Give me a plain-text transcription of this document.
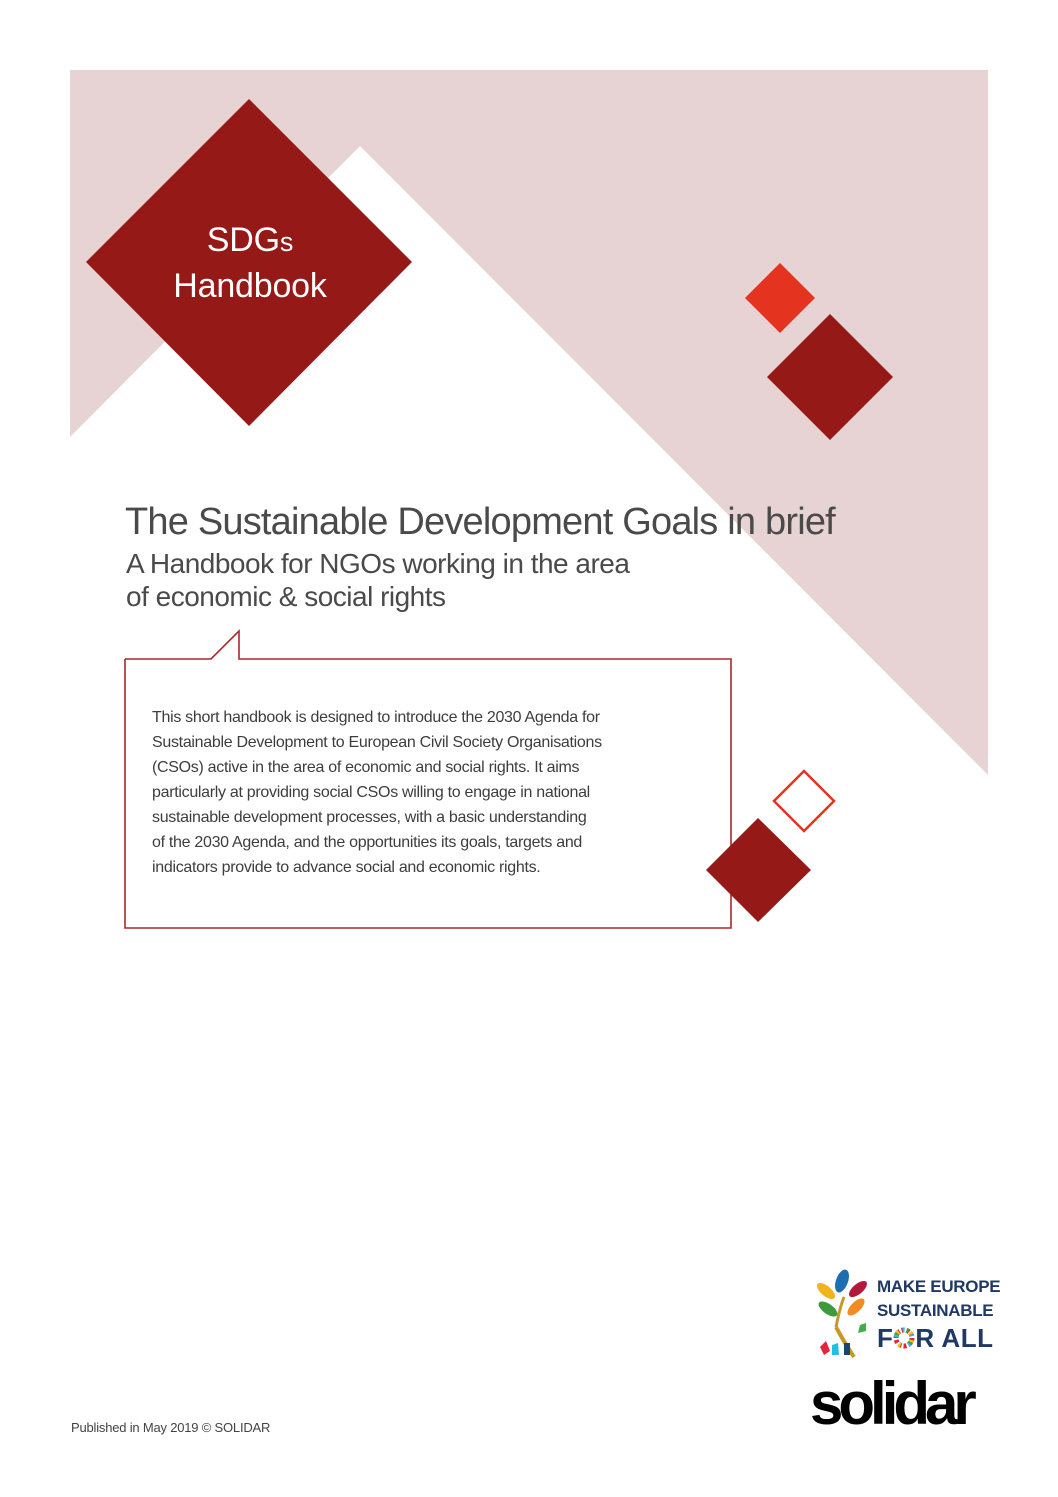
SDGs
Handbook
The Sustainable Development Goals in brief
A Handbook for NGOs working in the area
of economic & social rights
This short handbook is designed to introduce the 2030 Agenda for
Sustainable Development to European Civil Society Organisations
(CSOs) active in the area of economic and social rights. It aims
particularly at providing social CSOs willing to engage in national
sustainable development processes, with a basic understanding
of the 2030 Agenda, and the opportunities its goals, targets and
indicators provide to advance social and economic rights.
MAKE EUROPE
SUSTAINABLE
F R ALL
solidar
Published in May 2019 © SOLIDAR
